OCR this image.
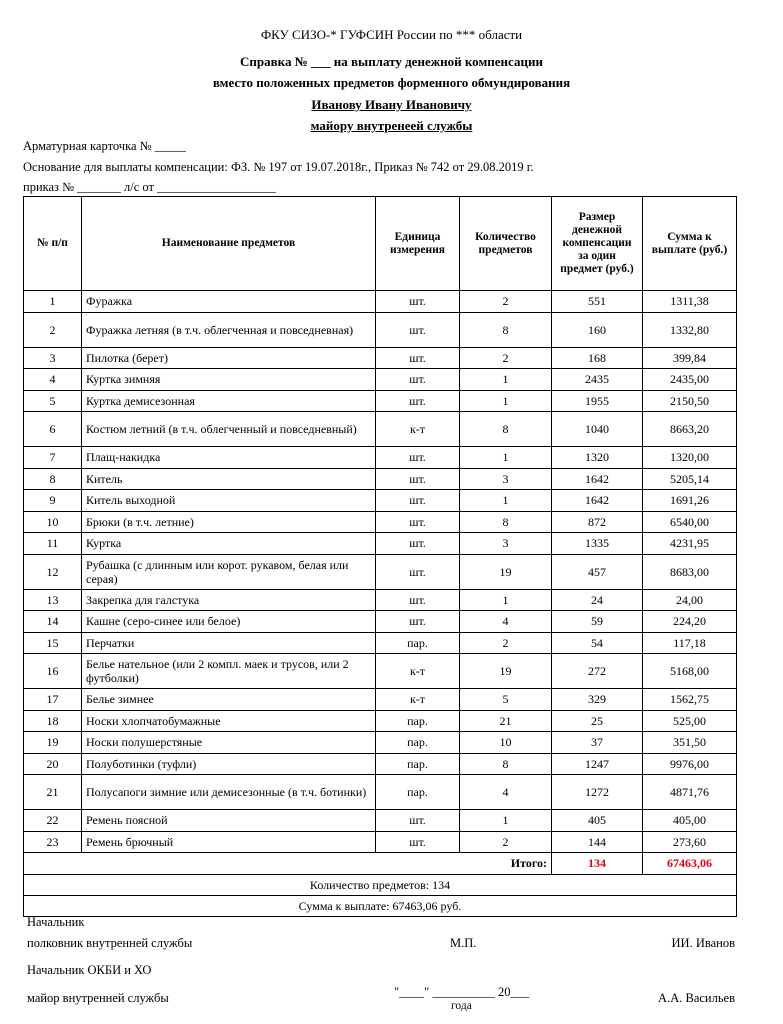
ФКУ СИЗО-* ГУФСИН России по *** области
Справка № ___ на выплату денежной компенсации
вместо положенных предметов форменного обмундирования
Иванову Ивану Ивановичу
майору внутренеей службы
Арматурная карточка № _____
Основание для выплаты компенсации: ФЗ. № 197 от 19.07.2018г., Приказ № 742 от 29.08.2019 г.
приказ № _______ л/с от ___________________
№ п/п	Наименование предметов	Единица измерения	Количество предметов	Размер денежной компенсации за один предмет (руб.)	Сумма к выплате (руб.)
1	Фуражка	шт.	2	551	1311,38
2	Фуражка летняя (в т.ч. облегченная и повседневная)	шт.	8	160	1332,80
3	Пилотка (берет)	шт.	2	168	399,84
4	Куртка зимняя	шт.	1	2435	2435,00
5	Куртка демисезонная	шт.	1	1955	2150,50
6	Костюм летний (в т.ч. облегченный и повседневный)	к-т	8	1040	8663,20
7	Плащ-накидка	шт.	1	1320	1320,00
8	Китель	шт.	3	1642	5205,14
9	Китель выходной	шт.	1	1642	1691,26
10	Брюки (в т.ч. летние)	шт.	8	872	6540,00
11	Куртка	шт.	3	1335	4231,95
12	Рубашка (с длинным или корот. рукавом, белая или серая)	шт.	19	457	8683,00
13	Закрепка для галстука	шт.	1	24	24,00
14	Кашне (серо-синее или белое)	шт.	4	59	224,20
15	Перчатки	пар.	2	54	117,18
16	Белье нательное (или 2 компл. маек и трусов, или 2 футболки)	к-т	19	272	5168,00
17	Белье зимнее	к-т	5	329	1562,75
18	Носки хлопчатобумажные	пар.	21	25	525,00
19	Носки полушерстяные	пар.	10	37	351,50
20	Полуботинки (туфли)	пар.	8	1247	9976,00
21	Полусапоги зимние или демисезонные (в т.ч. ботинки)	пар.	4	1272	4871,76
22	Ремень поясной	шт.	1	405	405,00
23	Ремень брючный	шт.	2	144	273,60
			Итого:	134	67463,06
Количество предметов: 134					
Сумма к выплате: 67463,06 руб.					
Начальник
полковник внутренней службы	М.П.	ИИ. Иванов
Начальник ОКБИ и ХО
майор внутренней службы	"____" __________ 20___
года
А.А. Васильев
